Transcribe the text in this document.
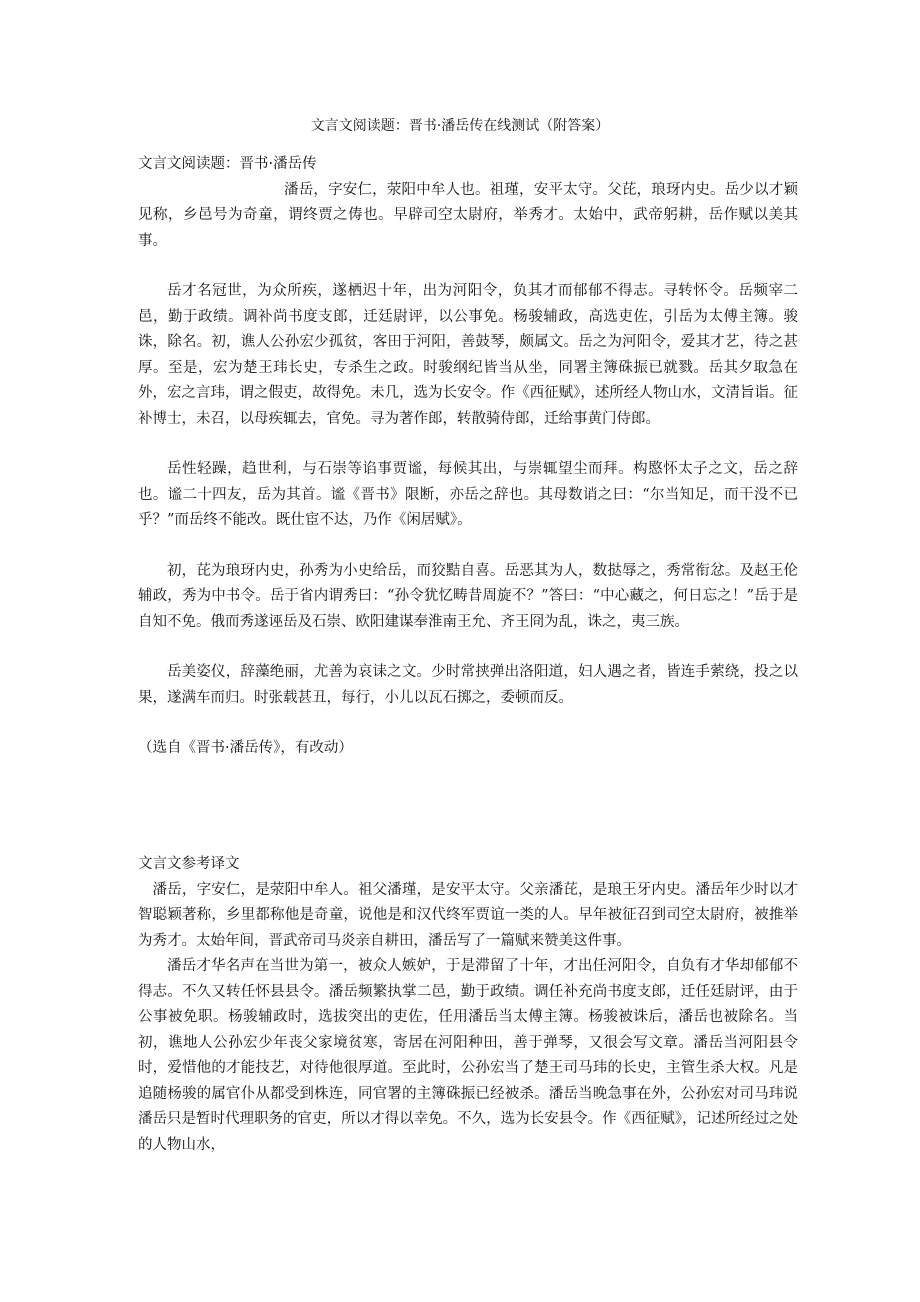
文言文阅读题：晋书·潘岳传在线测试（附答案）

文言文阅读题：晋书·潘岳传

潘岳，字安仁，荥阳中牟人也。祖瑾，安平太守。父芘，琅玡内史。岳少以才颖见称，乡邑号为奇童，谓终贾之俦也。早辟司空太尉府，举秀才。太始中，武帝躬耕，岳作赋以美其事。

岳才名冠世，为众所疾，遂栖迟十年，出为河阳令，负其才而郁郁不得志。寻转怀令。岳频宰二邑，勤于政绩。调补尚书度支郎，迁廷尉评，以公事免。杨骏辅政，高选吏佐，引岳为太傅主簿。骏诛，除名。初，谯人公孙宏少孤贫，客田于河阳，善鼓琴，颇属文。岳之为河阳令，爱其才艺，待之甚厚。至是，宏为楚王玮长史，专杀生之政。时骏纲纪皆当从坐，同署主簿硃振已就戮。岳其夕取急在外，宏之言玮，谓之假吏，故得免。未几，选为长安令。作《西征赋》，述所经人物山水，文清旨诣。征补博士，未召，以母疾辄去，官免。寻为著作郎，转散骑侍郎，迁给事黄门侍郎。

岳性轻躁，趋世利，与石崇等谄事贾谧，每候其出，与崇辄望尘而拜。构愍怀太子之文，岳之辞也。谧二十四友，岳为其首。谧《晋书》限断，亦岳之辞也。其母数诮之曰：“尔当知足，而干没不已乎？”而岳终不能改。既仕宦不达，乃作《闲居赋》。

初，芘为琅玡内史，孙秀为小史给岳，而狡黠自喜。岳恶其为人，数挞辱之，秀常衔忿。及赵王伦辅政，秀为中书令。岳于省内谓秀曰：“孙令犹忆畴昔周旋不？”答曰：“中心藏之，何日忘之！”岳于是自知不免。俄而秀遂诬岳及石崇、欧阳建谋奉淮南王允、齐王冏为乱，诛之，夷三族。

岳美姿仪，辞藻绝丽，尤善为哀诔之文。少时常挟弹出洛阳道，妇人遇之者，皆连手萦绕，投之以果，遂满车而归。时张载甚丑，每行，小儿以瓦石掷之，委顿而反。

（选自《晋书·潘岳传》，有改动）

文言文参考译文

潘岳，字安仁，是荥阳中牟人。祖父潘瑾，是安平太守。父亲潘芘，是琅王牙内史。潘岳年少时以才智聪颖著称，乡里都称他是奇童，说他是和汉代终军贾谊一类的人。早年被征召到司空太尉府，被推举为秀才。太始年间，晋武帝司马炎亲自耕田，潘岳写了一篇赋来赞美这件事。

潘岳才华名声在当世为第一，被众人嫉妒，于是滞留了十年，才出任河阳令，自负有才华却郁郁不得志。不久又转任怀县县令。潘岳频繁执掌二邑，勤于政绩。调任补充尚书度支郎，迁任廷尉评，由于公事被免职。杨骏辅政时，选拔突出的吏佐，任用潘岳当太傅主簿。杨骏被诛后，潘岳也被除名。当初，谯地人公孙宏少年丧父家境贫寒，寄居在河阳种田，善于弹琴，又很会写文章。潘岳当河阳县令时，爱惜他的才能技艺，对待他很厚道。至此时，公孙宏当了楚王司马玮的长史，主管生杀大权。凡是追随杨骏的属官仆从都受到株连，同官署的主簿硃振已经被杀。潘岳当晚急事在外，公孙宏对司马玮说潘岳只是暂时代理职务的官吏，所以才得以幸免。不久，选为长安县令。作《西征赋》，记述所经过之处的人物山水，
